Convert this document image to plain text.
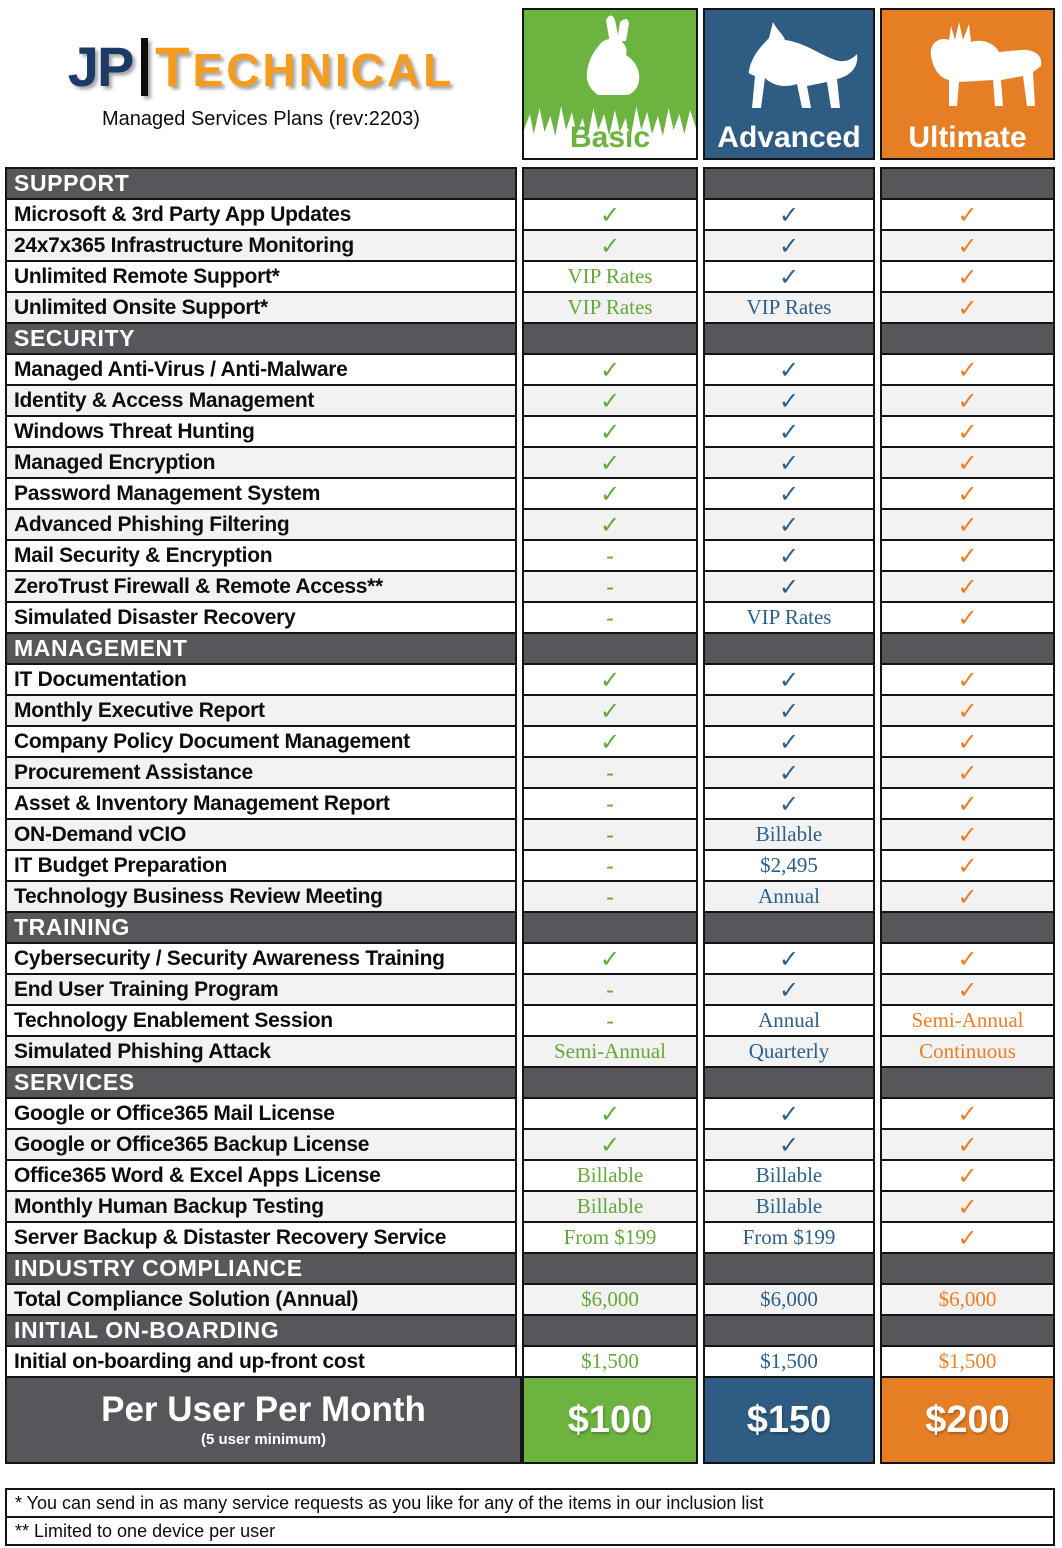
JP TECHNICAL
Managed Services Plans (rev:2203)
Basic	Advanced	Ultimate
SUPPORT
Microsoft & 3rd Party App Updates	✓	✓	✓
24x7x365 Infrastructure Monitoring	✓	✓	✓
Unlimited Remote Support*	VIP Rates	✓	✓
Unlimited Onsite Support*	VIP Rates	VIP Rates	✓
SECURITY
Managed Anti-Virus / Anti-Malware	✓	✓	✓
Identity & Access Management	✓	✓	✓
Windows Threat Hunting	✓	✓	✓
Managed Encryption	✓	✓	✓
Password Management System	✓	✓	✓
Advanced Phishing Filtering	✓	✓	✓
Mail Security & Encryption	-	✓	✓
ZeroTrust Firewall & Remote Access**	-	✓	✓
Simulated Disaster Recovery	-	VIP Rates	✓
MANAGEMENT
IT Documentation	✓	✓	✓
Monthly Executive Report	✓	✓	✓
Company Policy Document Management	✓	✓	✓
Procurement Assistance	-	✓	✓
Asset & Inventory Management Report	-	✓	✓
ON-Demand vCIO	-	Billable	✓
IT Budget Preparation	-	$2,495	✓
Technology Business Review Meeting	-	Annual	✓
TRAINING
Cybersecurity / Security Awareness Training	✓	✓	✓
End User Training Program	-	✓	✓
Technology Enablement Session	-	Annual	Semi-Annual
Simulated Phishing Attack	Semi-Annual	Quarterly	Continuous
SERVICES
Google or Office365 Mail License	✓	✓	✓
Google or Office365 Backup License	✓	✓	✓
Office365 Word & Excel Apps License	Billable	Billable	✓
Monthly Human Backup Testing	Billable	Billable	✓
Server Backup & Distaster Recovery Service	From $199	From $199	✓
INDUSTRY COMPLIANCE
Total Compliance Solution (Annual)	$6,000	$6,000	$6,000
INITIAL ON-BOARDING
Initial on-boarding and up-front cost	$1,500	$1,500	$1,500
Per User Per Month
(5 user minimum)	$100	$150	$200
* You can send in as many service requests as you like for any of the items in our inclusion list
** Limited to one device per user
